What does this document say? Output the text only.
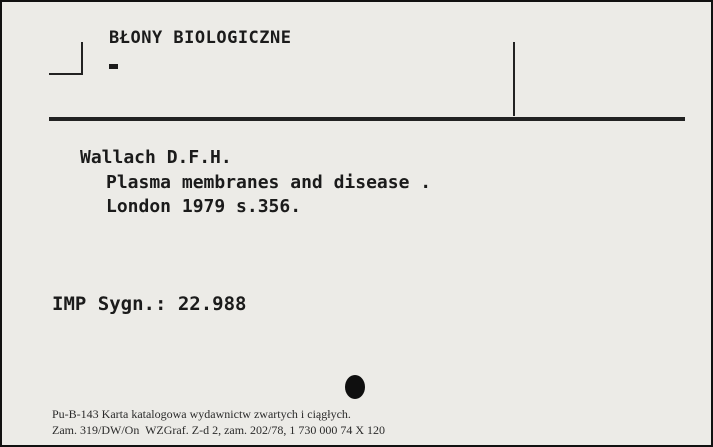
BŁONY BIOLOGICZNE
Wallach D.F.H.
Plasma membranes and disease .
London 1979 s.356.
IMP Sygn.: 22.988
Pu-B-143 Karta katalogowa wydawnictw zwartych i ciągłych.
Zam. 319/DW/On  WZGraf. Z-d 2, zam. 202/78, 1 730 000 74 X 120
